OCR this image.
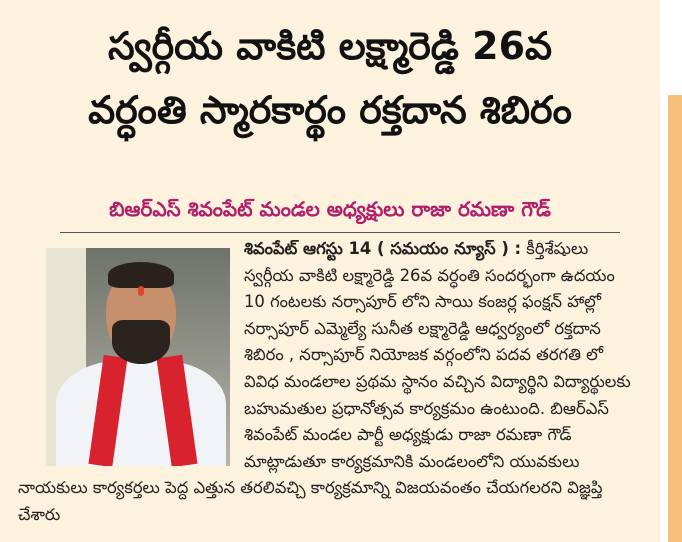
స్వర్గీయ వాకిటి లక్ష్మారెడ్డి 26వ
వర్ధంతి స్మారకార్థం రక్తదాన శిబిరం
బిఆర్ఎస్ శివంపేట్ మండల అధ్యక్షులు రాజా రమణా గౌడ్
శివంపేట్ ఆగస్టు 14 ( సమయం న్యూస్ ) : కీర్తిశేషులు స్వర్గీయ వాకిటి లక్ష్మారెడ్డి 26వ వర్ధంతి సందర్భంగా ఉదయం 10 గంటలకు నర్సాపూర్ లోని సాయి కంజర్ల ఫంక్షన్ హాల్లో నర్సాపూర్ ఎమ్మెల్యే సునీత లక్ష్మారెడ్డి ఆధ్వర్యంలో రక్తదాన శిబిరం , నర్సాపూర్ నియోజక వర్గంలోని పదవ తరగతి లో వివిధ మండలాల ప్రథమ స్థానం వచ్చిన విద్యార్థిని విద్యార్థులకు బహుమతుల ప్రధానోత్సవ కార్యక్రమం ఉంటుంది. బిఆర్ఎస్ శివంపేట్ మండల పార్టీ అధ్యక్షుడు రాజా రమణా గౌడ్ మాట్లాడుతూ కార్యక్రమానికి మండలంలోని యువకులు నాయకులు కార్యకర్తలు పెద్ద ఎత్తున తరలివచ్చి కార్యక్రమాన్ని విజయవంతం చేయగలరని విజ్ఞప్తి చేశారు
